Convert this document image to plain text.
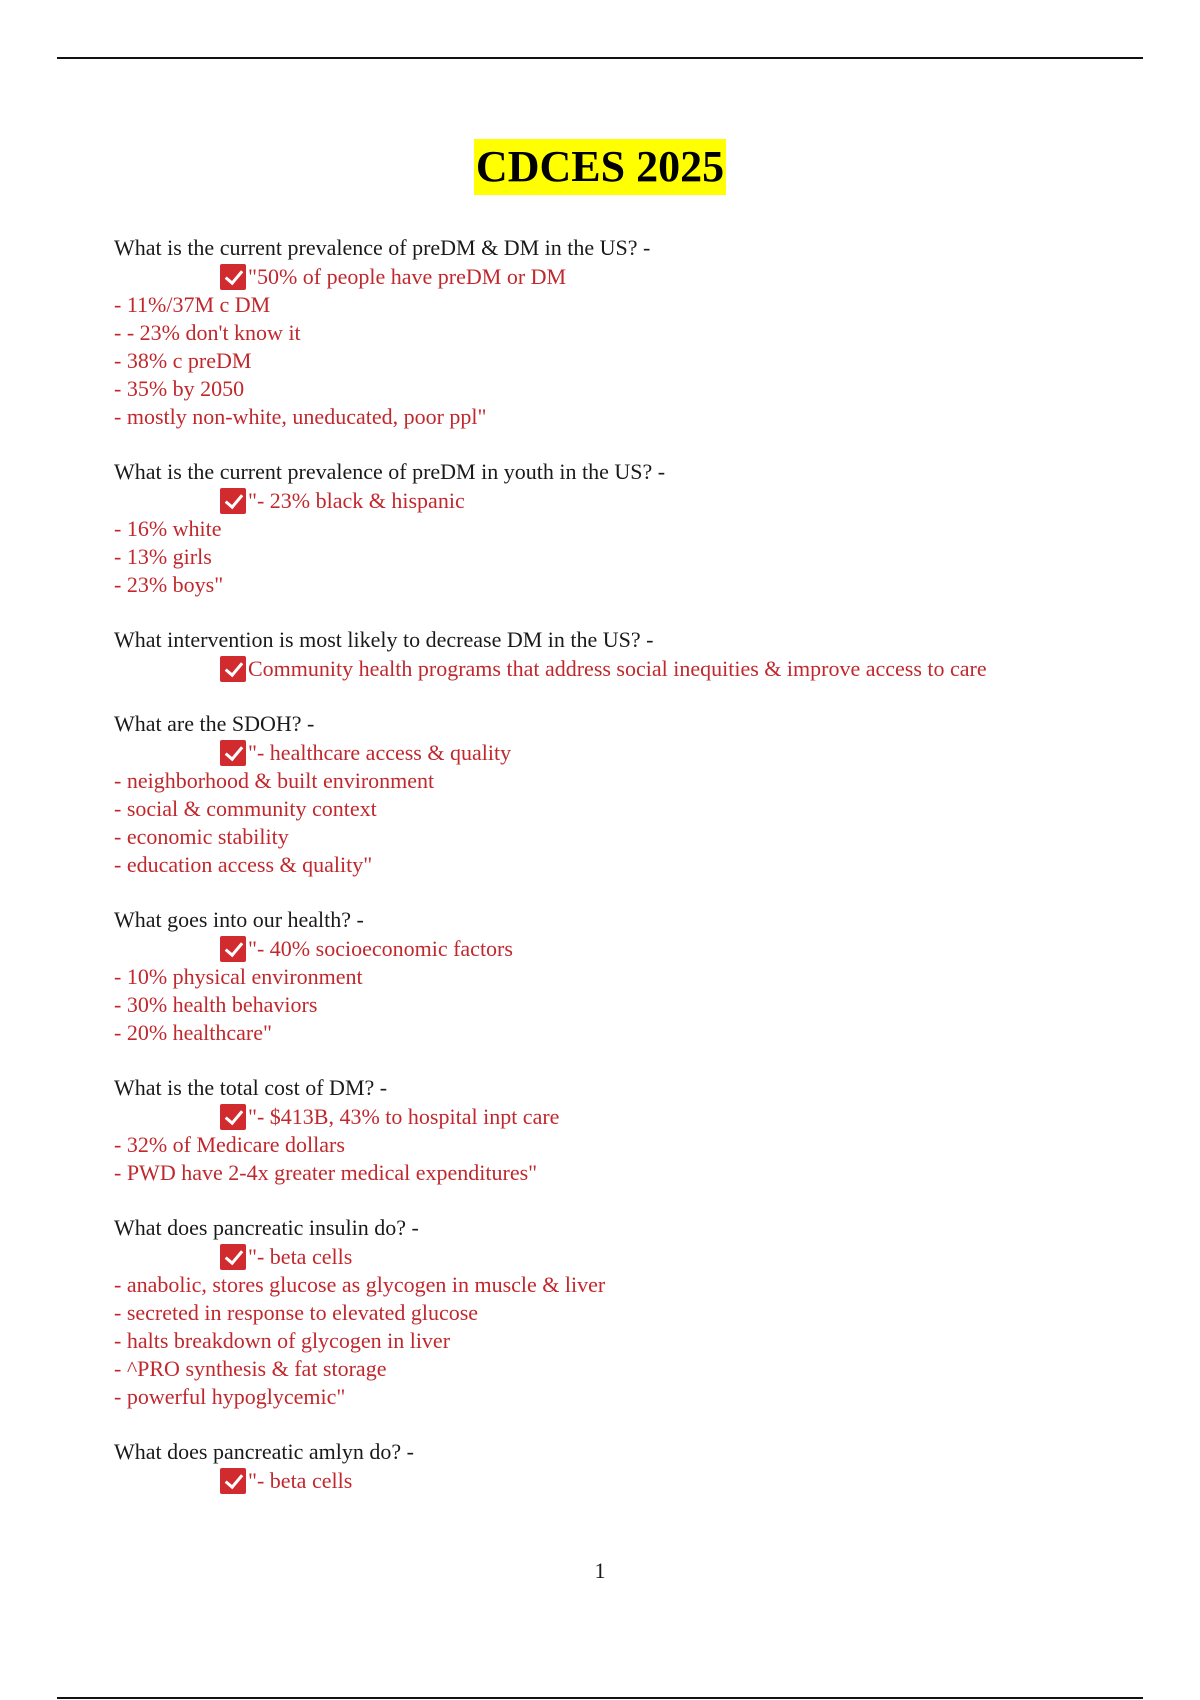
CDCES 2025
What is the current prevalence of preDM & DM in the US? -
"50% of people have preDM or DM
- 11%/37M c DM
- - 23% don't know it
- 38% c preDM
- 35% by 2050
- mostly non-white, uneducated, poor ppl"
What is the current prevalence of preDM in youth in the US? -
"- 23% black & hispanic
- 16% white
- 13% girls
- 23% boys"
What intervention is most likely to decrease DM in the US? -
Community health programs that address social inequities & improve access to care
What are the SDOH? -
"- healthcare access & quality
- neighborhood & built environment
- social & community context
- economic stability
- education access & quality"
What goes into our health? -
"- 40% socioeconomic factors
- 10% physical environment
- 30% health behaviors
- 20% healthcare"
What is the total cost of DM? -
"- $413B, 43% to hospital inpt care
- 32% of Medicare dollars
- PWD have 2-4x greater medical expenditures"
What does pancreatic insulin do? -
"- beta cells
- anabolic, stores glucose as glycogen in muscle & liver
- secreted in response to elevated glucose
- halts breakdown of glycogen in liver
- ^PRO synthesis & fat storage
- powerful hypoglycemic"
What does pancreatic amlyn do? -
"- beta cells
1
